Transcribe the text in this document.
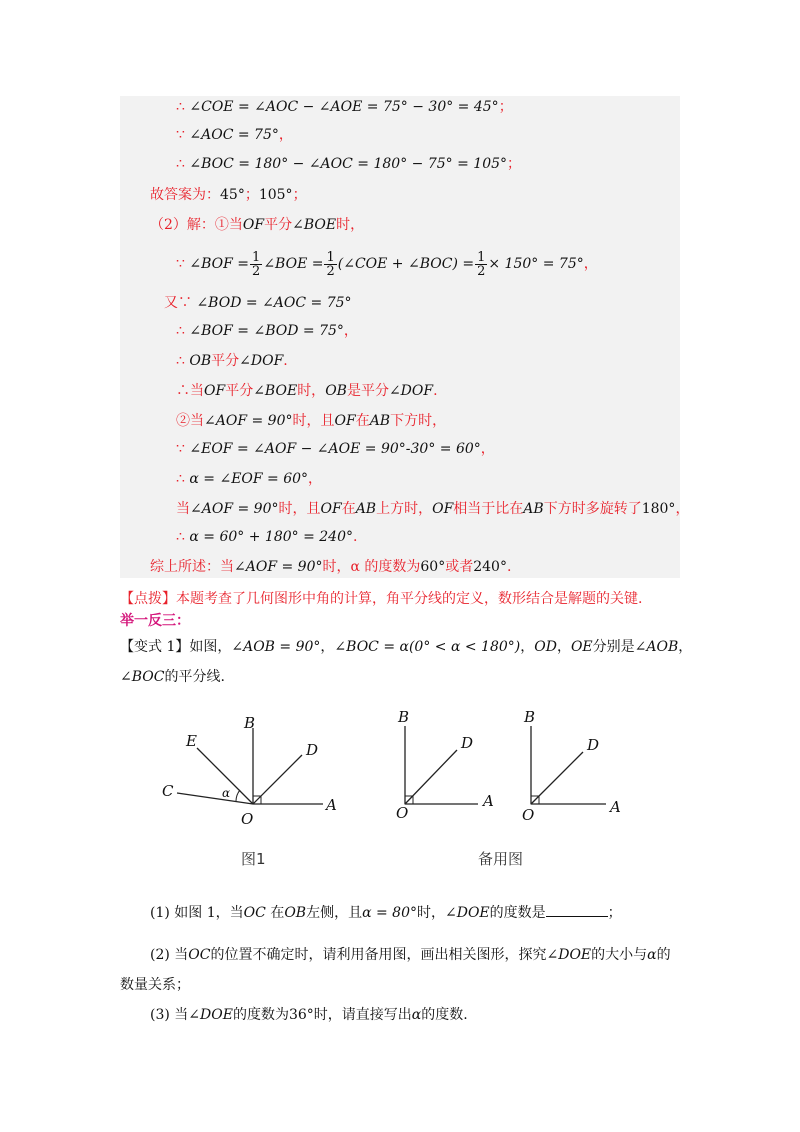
∴ ∠COE = ∠AOC − ∠AOE = 75° − 30° = 45°；
∵ ∠AOC = 75°，
∴ ∠BOC = 180° − ∠AOC = 180° − 75° = 105°；
故答案为：45°；105°；
（2）解：①当OF平分∠BOE时，
∵ ∠BOF = $\frac{1}{2}$ ∠BOE = $\frac{1}{2}$ (∠COE + ∠BOC) = $\frac{1}{2} \times 150^\circ = 75^\circ$，
又∵ ∠BOD = ∠AOC = 75°
∴ ∠BOF = ∠BOD = 75°，
∴ OB平分∠DOF.
∴当OF平分∠BOE时，OB是平分∠DOF.
②当∠AOF = 90°时，且OF在AB下方时，
∵ ∠EOF = ∠AOF − ∠AOE = 90°-30° = 60°，
∴ α = ∠EOF = 60°，
当∠AOF = 90°时，且OF在AB上方时，OF相当于比在AB下方时多旋转了180°，
∴ α = 60° + 180° = 240°.
综上所述：当∠AOF = 90°时，α 的度数为60°或者240°.
【点拨】本题考查了几何图形中角的计算，角平分线的定义，数形结合是解题的关键.
举一反三：
【变式 1】如图，∠AOB = 90°，∠BOC = α(0° < α < 180°)，OD，OE分别是∠AOB，
∠BOC的平分线.
B
D
E
C
A
O
α
B
D
A
O
B
D
A
O
图1	备用图
(1) 如图 1，当OC 在OB左侧，且α = 80°时，∠DOE的度数是	；
(2) 当OC的位置不确定时，请利用备用图，画出相关图形，探究∠DOE的大小与α的
数量关系；
(3) 当∠DOE的度数为36°时，请直接写出α的度数.
